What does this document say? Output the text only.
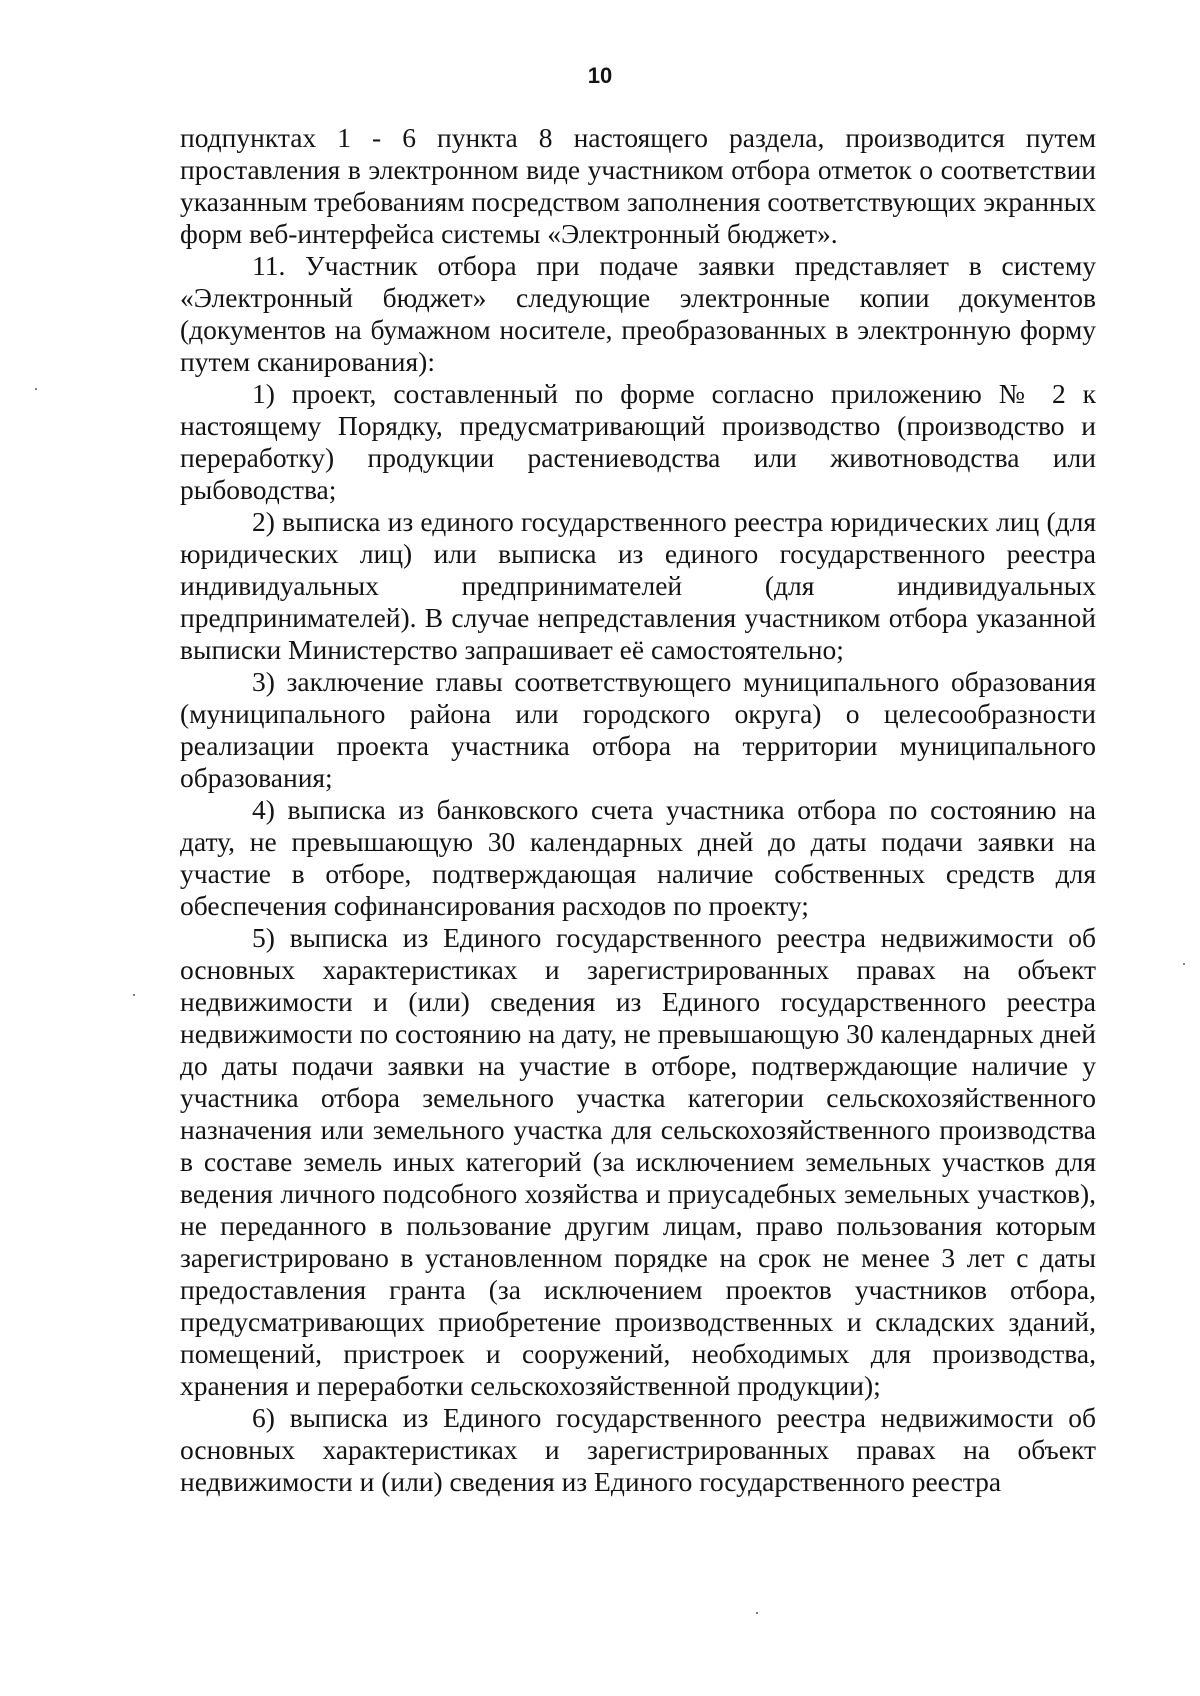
10

подпунктах 1 - 6 пункта 8 настоящего раздела, производится путем проставления в электронном виде участником отбора отметок о соответствии указанным требованиям посредством заполнения соответствующих экранных форм веб-интерфейса системы «Электронный бюджет».

11. Участник отбора при подаче заявки представляет в систему «Электронный бюджет» следующие электронные копии документов (документов на бумажном носителе, преобразованных в электронную форму путем сканирования):

1) проект, составленный по форме согласно приложению № 2 к настоящему Порядку, предусматривающий производство (производство и переработку) продукции растениеводства или животноводства или рыбоводства;

2) выписка из единого государственного реестра юридических лиц (для юридических лиц) или выписка из единого государственного реестра индивидуальных предпринимателей (для индивидуальных предпринимателей). В случае непредставления участником отбора указанной выписки Министерство запрашивает её самостоятельно;

3) заключение главы соответствующего муниципального образования (муниципального района или городского округа) о целесообразности реализации проекта участника отбора на территории муниципального образования;

4) выписка из банковского счета участника отбора по состоянию на дату, не превышающую 30 календарных дней до даты подачи заявки на участие в отборе, подтверждающая наличие собственных средств для обеспечения софинансирования расходов по проекту;

5) выписка из Единого государственного реестра недвижимости об основных характеристиках и зарегистрированных правах на объект недвижимости и (или) сведения из Единого государственного реестра недвижимости по состоянию на дату, не превышающую 30 календарных дней до даты подачи заявки на участие в отборе, подтверждающие наличие у участника отбора земельного участка категории сельскохозяйственного назначения или земельного участка для сельскохозяйственного производства в составе земель иных категорий (за исключением земельных участков для ведения личного подсобного хозяйства и приусадебных земельных участков), не переданного в пользование другим лицам, право пользования которым зарегистрировано в установленном порядке на срок не менее 3 лет с даты предоставления гранта (за исключением проектов участников отбора, предусматривающих приобретение производственных и складских зданий, помещений, пристроек и сооружений, необходимых для производства, хранения и переработки сельскохозяйственной продукции);

6) выписка из Единого государственного реестра недвижимости об основных характеристиках и зарегистрированных правах на объект недвижимости и (или) сведения из Единого государственного реестра
